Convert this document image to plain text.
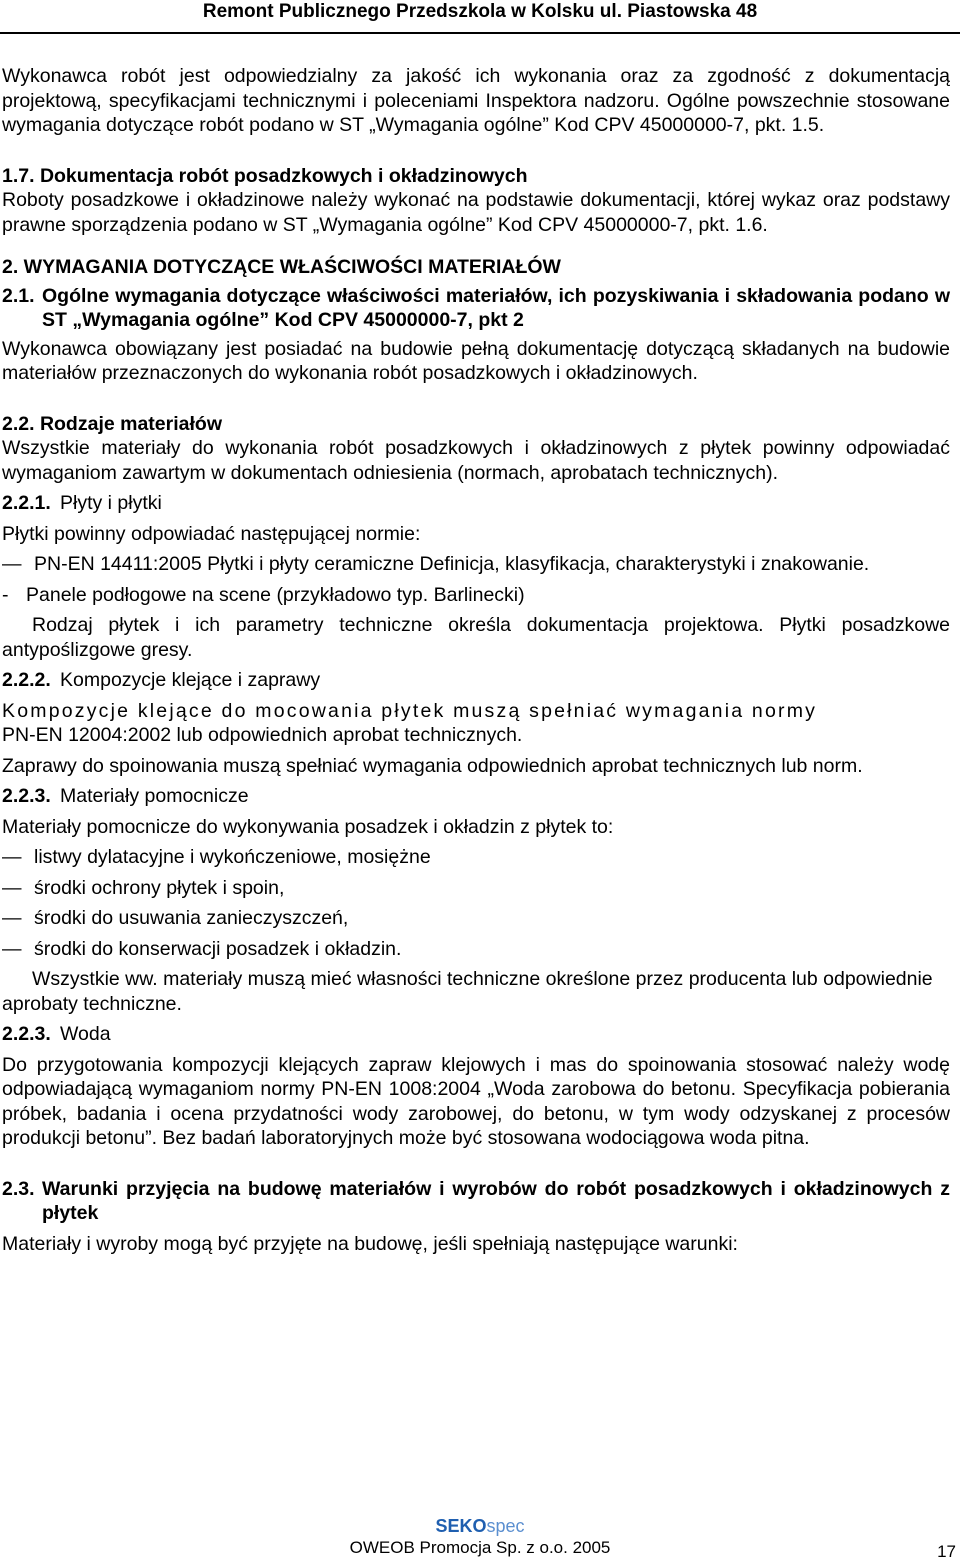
Remont Publicznego Przedszkola w Kolsku ul. Piastowska 48

Wykonawca robót jest odpowiedzialny za jakość ich wykonania oraz za zgodność z dokumentacją projektową, specyfikacjami technicznymi i poleceniami Inspektora nadzoru. Ogólne powszechnie stosowane wymagania dotyczące robót podano w ST „Wymagania ogólne” Kod CPV 45000000-7, pkt. 1.5.

1.7. Dokumentacja robót posadzkowych i okładzinowych

Roboty posadzkowe i okładzinowe należy wykonać na podstawie dokumentacji, której wykaz oraz podstawy prawne sporządzenia podano w ST „Wymagania ogólne” Kod CPV 45000000-7, pkt. 1.6.

2. WYMAGANIA DOTYCZĄCE WŁAŚCIWOŚCI MATERIAŁÓW

2.1. Ogólne wymagania dotyczące właściwości materiałów, ich pozyskiwania i składowania podano w ST „Wymagania ogólne” Kod CPV 45000000-7, pkt 2

Wykonawca obowiązany jest posiadać na budowie pełną dokumentację dotyczącą składanych na budowie materiałów przeznaczonych do wykonania robót posadzkowych i okładzinowych.

2.2. Rodzaje materiałów

Wszystkie materiały do wykonania robót posadzkowych i okładzinowych z płytek powinny odpowiadać wymaganiom zawartym w dokumentach odniesienia (normach, aprobatach technicznych).

2.2.1. Płyty i płytki

Płytki powinny odpowiadać następującej normie:

— PN-EN 14411:2005 Płytki i płyty ceramiczne Definicja, klasyfikacja, charakterystyki i znakowanie.
- Panele podłogowe na scene (przykładowo typ. Barlinecki)

Rodzaj płytek i ich parametry techniczne określa dokumentacja projektowa. Płytki posadzkowe antypoślizgowe gresy.

2.2.2. Kompozycje klejące i zaprawy

Kompozycje klejące do mocowania płytek muszą spełniać wymagania normy

PN-EN 12004:2002 lub odpowiednich aprobat technicznych.

Zaprawy do spoinowania muszą spełniać wymagania odpowiednich aprobat technicznych lub norm.

2.2.3. Materiały pomocnicze

Materiały pomocnicze do wykonywania posadzek i okładzin z płytek to:

— listwy dylatacyjne i wykończeniowe, mosiężne
— środki ochrony płytek i spoin,
— środki do usuwania zanieczyszczeń,
— środki do konserwacji posadzek i okładzin.

Wszystkie ww. materiały muszą mieć własności techniczne określone przez producenta lub odpowiednie aprobaty techniczne.

2.2.3. Woda

Do przygotowania kompozycji klejących zapraw klejowych i mas do spoinowania stosować należy wodę odpowiadającą wymaganiom normy PN-EN 1008:2004 „Woda zarobowa do betonu. Specyfikacja pobierania próbek, badania i ocena przydatności wody zarobowej, do betonu, w tym wody odzyskanej z procesów produkcji betonu”. Bez badań laboratoryjnych może być stosowana wodociągowa woda pitna.

2.3. Warunki przyjęcia na budowę materiałów i wyrobów do robót posadzkowych i okładzinowych z płytek

Materiały i wyroby mogą być przyjęte na budowę, jeśli spełniają następujące warunki:

SEKOspec
OWEOB Promocja Sp. z o.o. 2005	17
